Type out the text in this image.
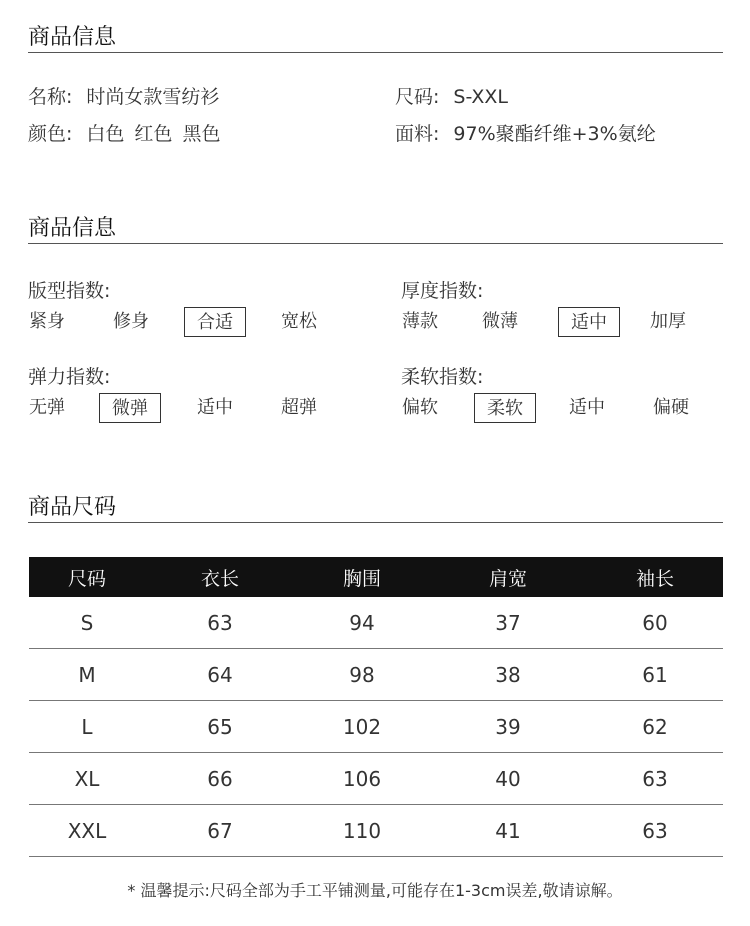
商品信息
名称: 时尚女款雪纺衫	尺码: S-XXL
颜色: 白色 红色 黑色	面料: 97%聚酯纤维+3%氨纶
商品信息
版型指数:
紧身	修身	合适	宽松
厚度指数:
薄款	微薄	适中	加厚
弹力指数:
无弹	微弹	适中	超弹
柔软指数:
偏软	柔软	适中	偏硬
商品尺码
尺码	衣长	胸围	肩宽	袖长
S	63	94	37	60
M	64	98	38	61
L	65	102	39	62
XL	66	106	40	63
XXL	67	110	41	63
* 温馨提示:尺码全部为手工平铺测量,可能存在1-3cm误差,敬请谅解。
